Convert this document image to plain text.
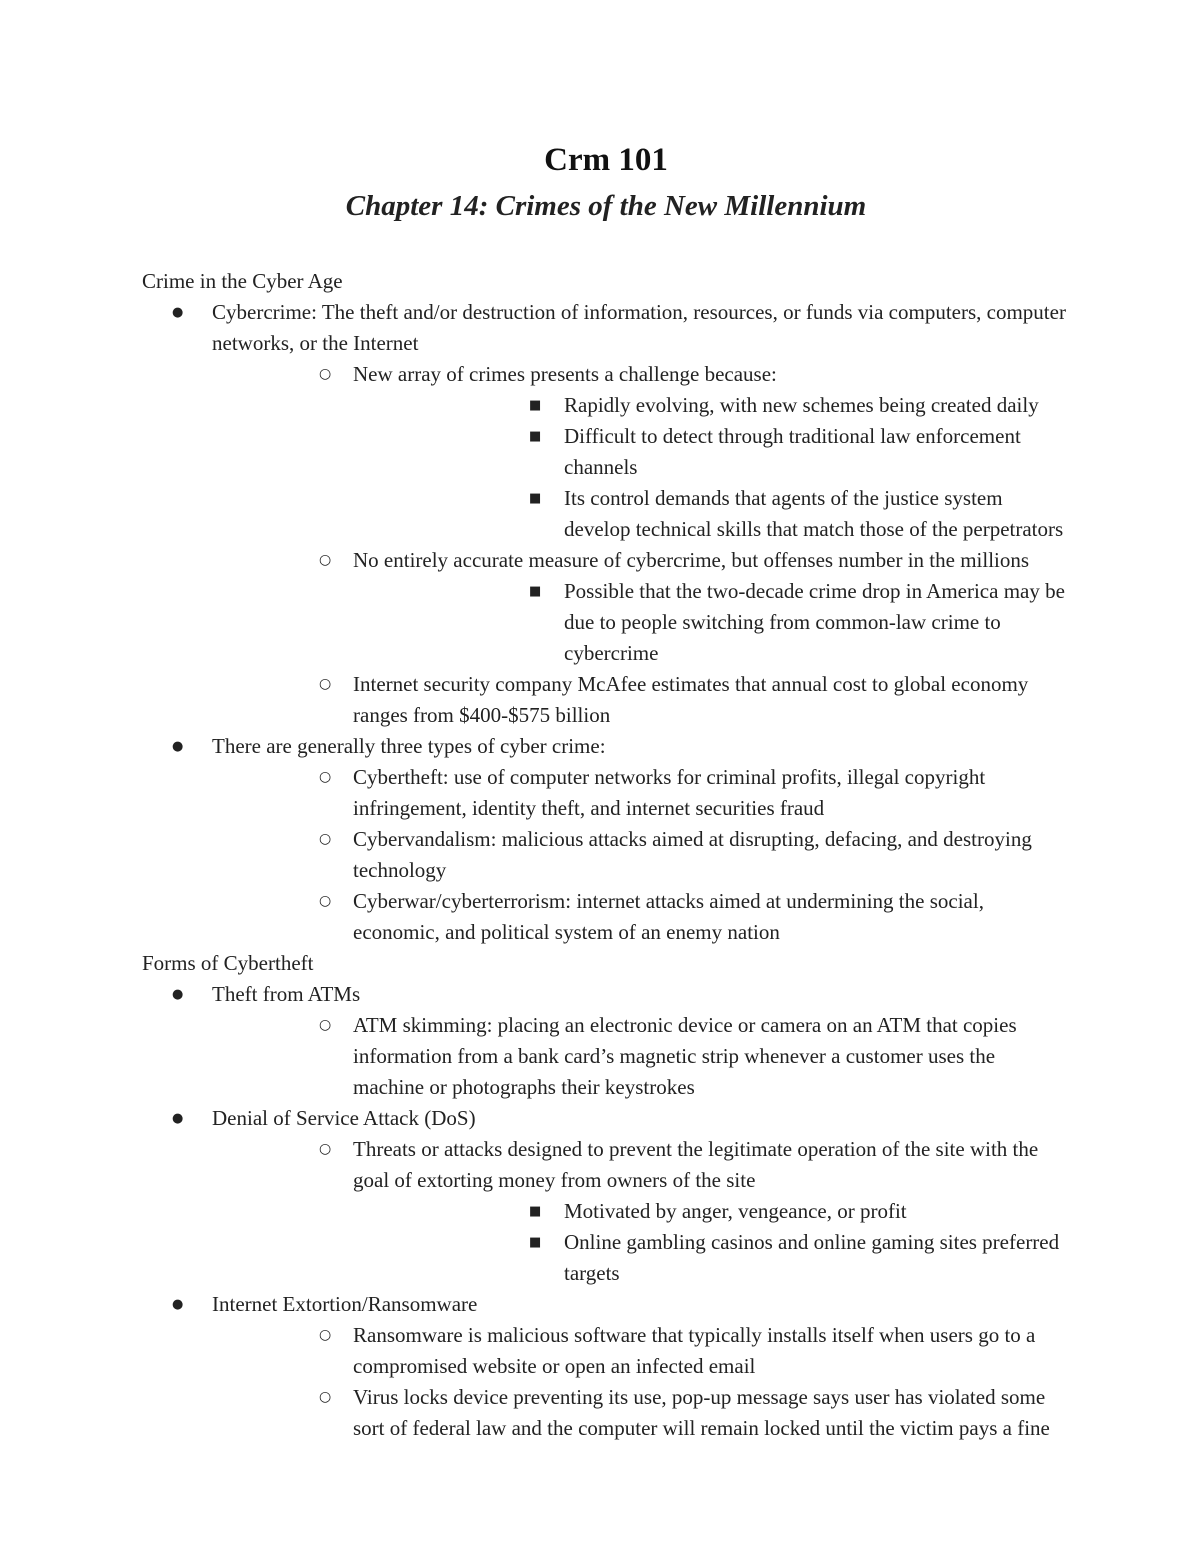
Crm 101
Chapter 14: Crimes of the New Millennium
Crime in the Cyber Age
● Cybercrime: The theft and/or destruction of information, resources, or funds via computers, computer networks, or the Internet
○ New array of crimes presents a challenge because:
■ Rapidly evolving, with new schemes being created daily
■ Difficult to detect through traditional law enforcement channels
■ Its control demands that agents of the justice system develop technical skills that match those of the perpetrators
○ No entirely accurate measure of cybercrime, but offenses number in the millions
■ Possible that the two-decade crime drop in America may be due to people switching from common-law crime to cybercrime
○ Internet security company McAfee estimates that annual cost to global economy ranges from $400-$575 billion
● There are generally three types of cyber crime:
○ Cybertheft: use of computer networks for criminal profits, illegal copyright infringement, identity theft, and internet securities fraud
○ Cybervandalism: malicious attacks aimed at disrupting, defacing, and destroying technology
○ Cyberwar/cyberterrorism: internet attacks aimed at undermining the social, economic, and political system of an enemy nation
Forms of Cybertheft
● Theft from ATMs
○ ATM skimming: placing an electronic device or camera on an ATM that copies information from a bank card’s magnetic strip whenever a customer uses the machine or photographs their keystrokes
● Denial of Service Attack (DoS)
○ Threats or attacks designed to prevent the legitimate operation of the site with the goal of extorting money from owners of the site
■ Motivated by anger, vengeance, or profit
■ Online gambling casinos and online gaming sites preferred targets
● Internet Extortion/Ransomware
○ Ransomware is malicious software that typically installs itself when users go to a compromised website or open an infected email
○ Virus locks device preventing its use, pop-up message says user has violated some sort of federal law and the computer will remain locked until the victim pays a fine
